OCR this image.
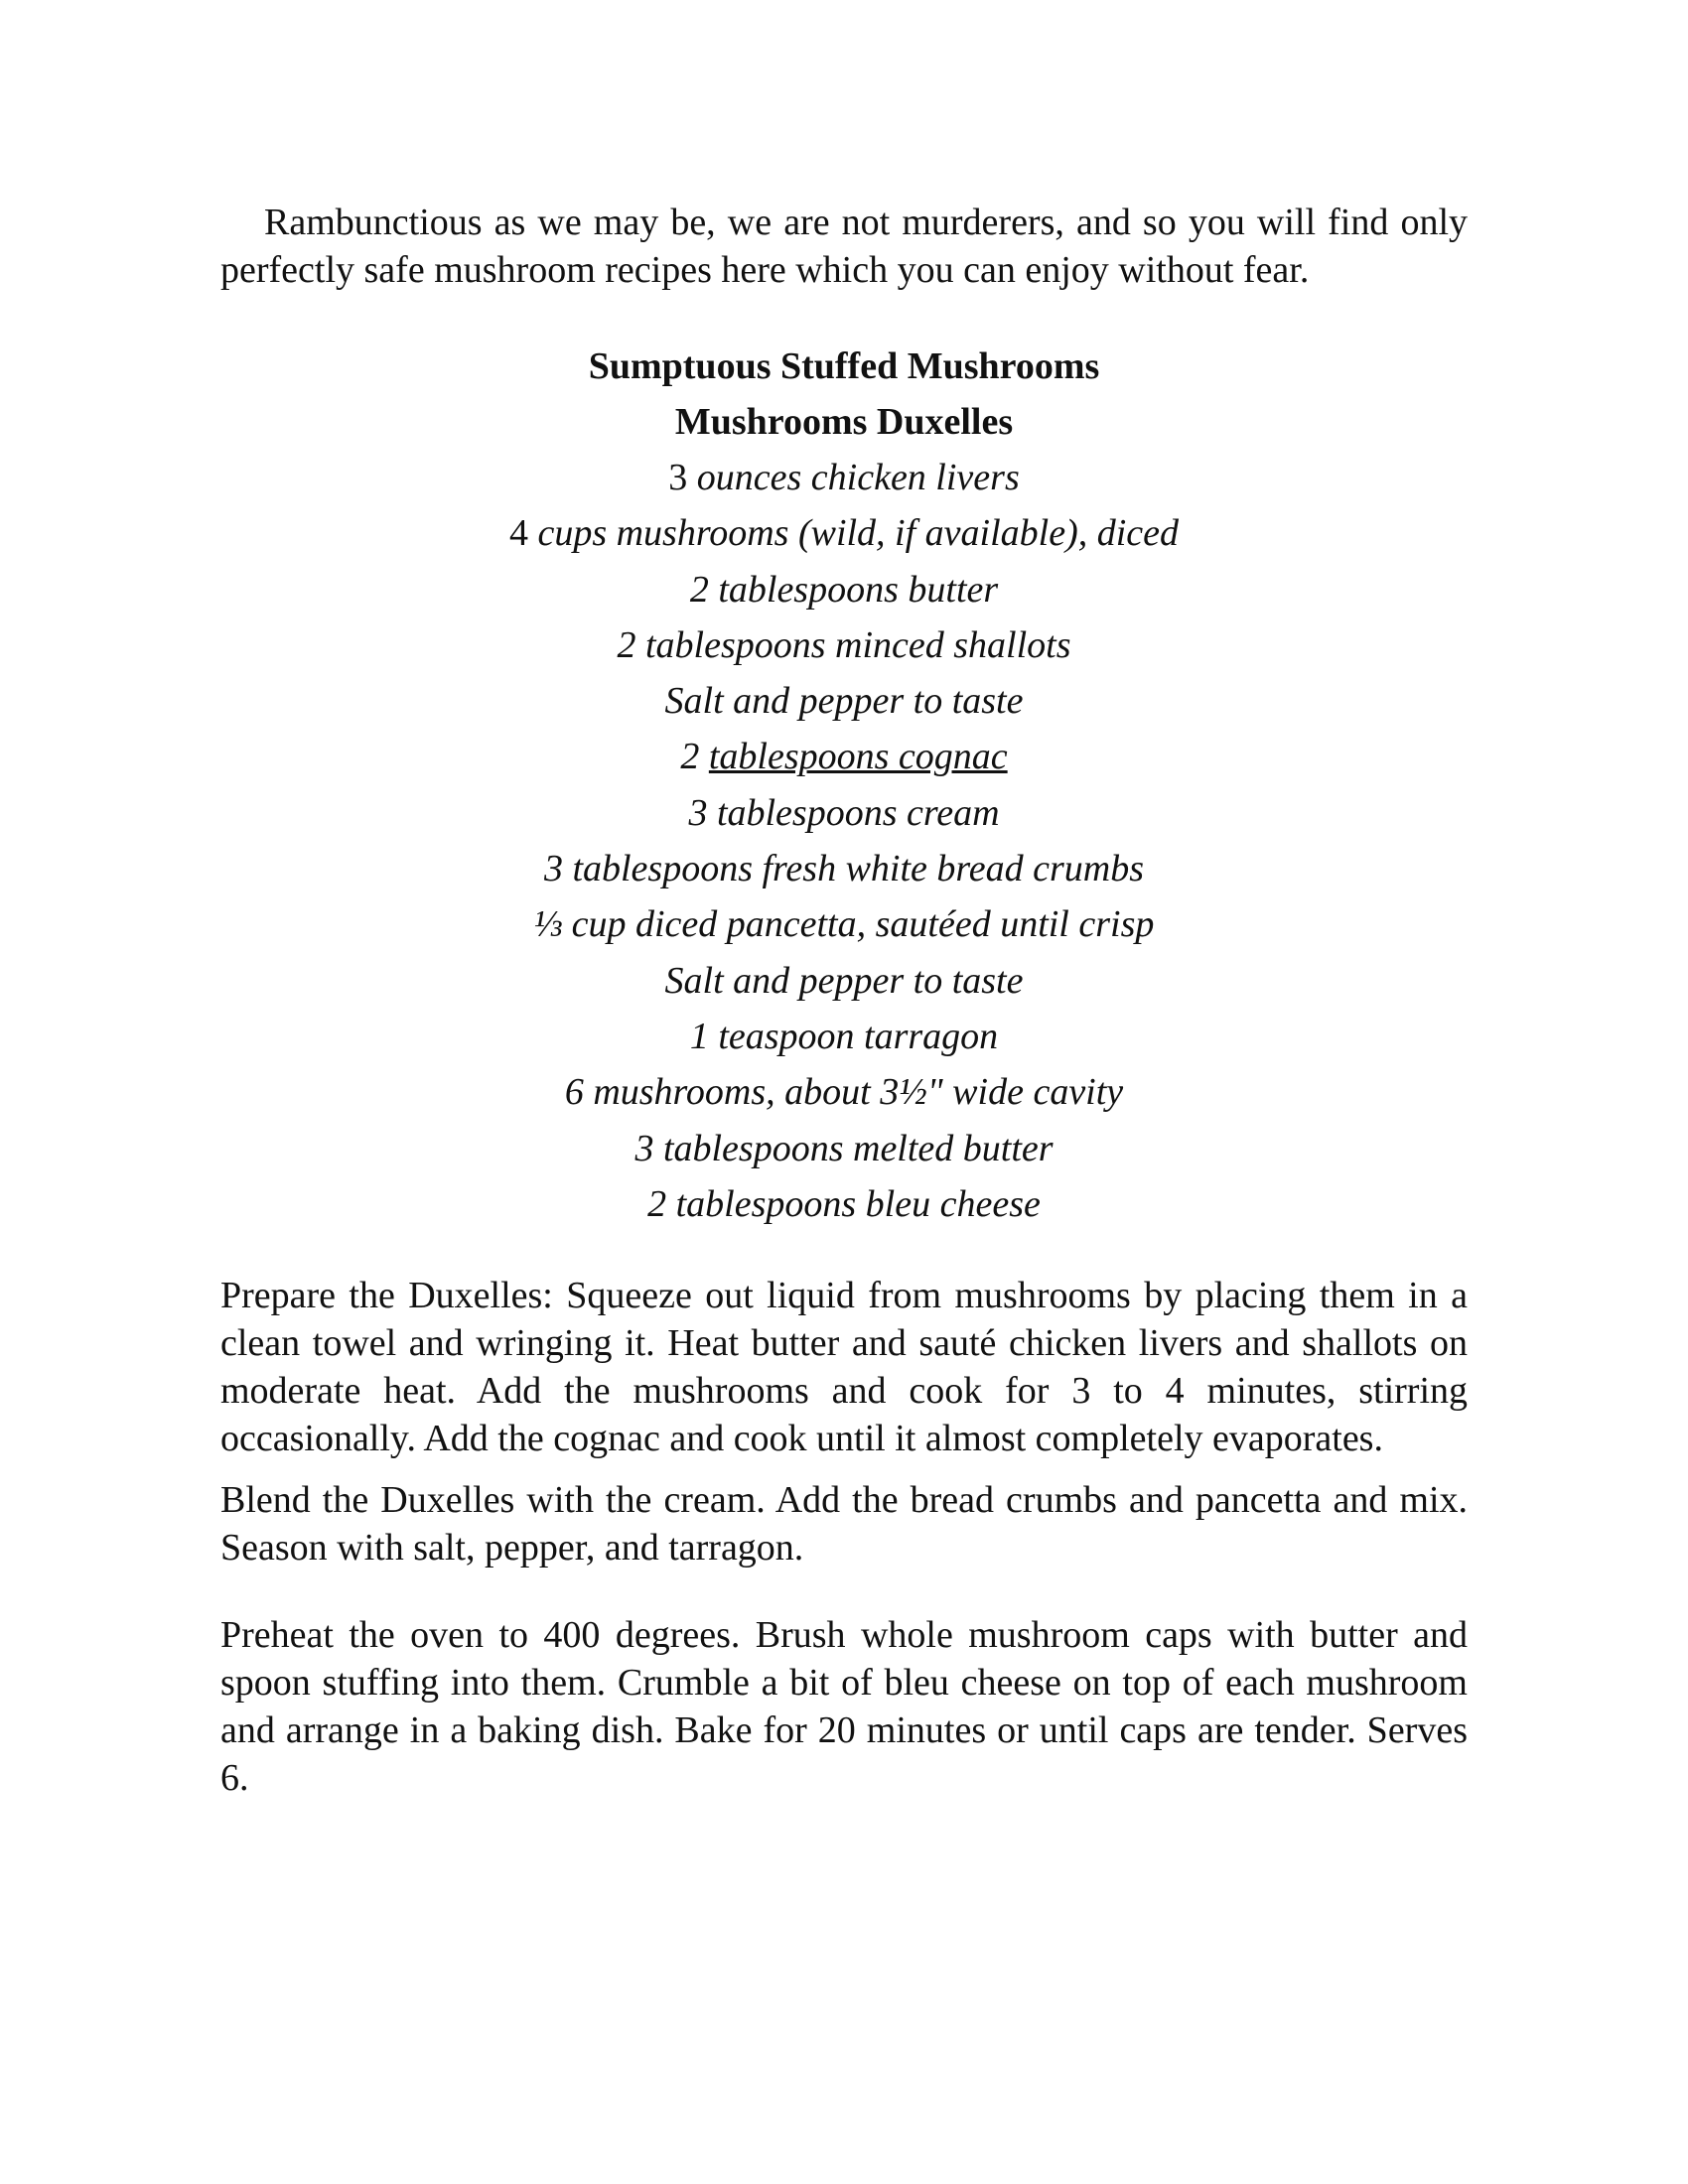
Rambunctious as we may be, we are not murderers, and so you will find only perfectly safe mushroom recipes here which you can enjoy without fear.

Sumptuous Stuffed Mushrooms

Mushrooms Duxelles

3 ounces chicken livers
4 cups mushrooms (wild, if available), diced
2 tablespoons butter
2 tablespoons minced shallots
Salt and pepper to taste
2 tablespoons cognac
3 tablespoons cream
3 tablespoons fresh white bread crumbs
⅓ cup diced pancetta, sautéed until crisp
Salt and pepper to taste
1 teaspoon tarragon
6 mushrooms, about 3½" wide cavity
3 tablespoons melted butter
2 tablespoons bleu cheese

Prepare the Duxelles: Squeeze out liquid from mushrooms by placing them in a clean towel and wringing it. Heat butter and sauté chicken livers and shallots on moderate heat. Add the mushrooms and cook for 3 to 4 minutes, stirring occasionally. Add the cognac and cook until it almost completely evaporates.

Blend the Duxelles with the cream. Add the bread crumbs and pancetta and mix. Season with salt, pepper, and tarragon.

Preheat the oven to 400 degrees. Brush whole mushroom caps with butter and spoon stuffing into them. Crumble a bit of bleu cheese on top of each mushroom and arrange in a baking dish. Bake for 20 minutes or until caps are tender. Serves 6.
